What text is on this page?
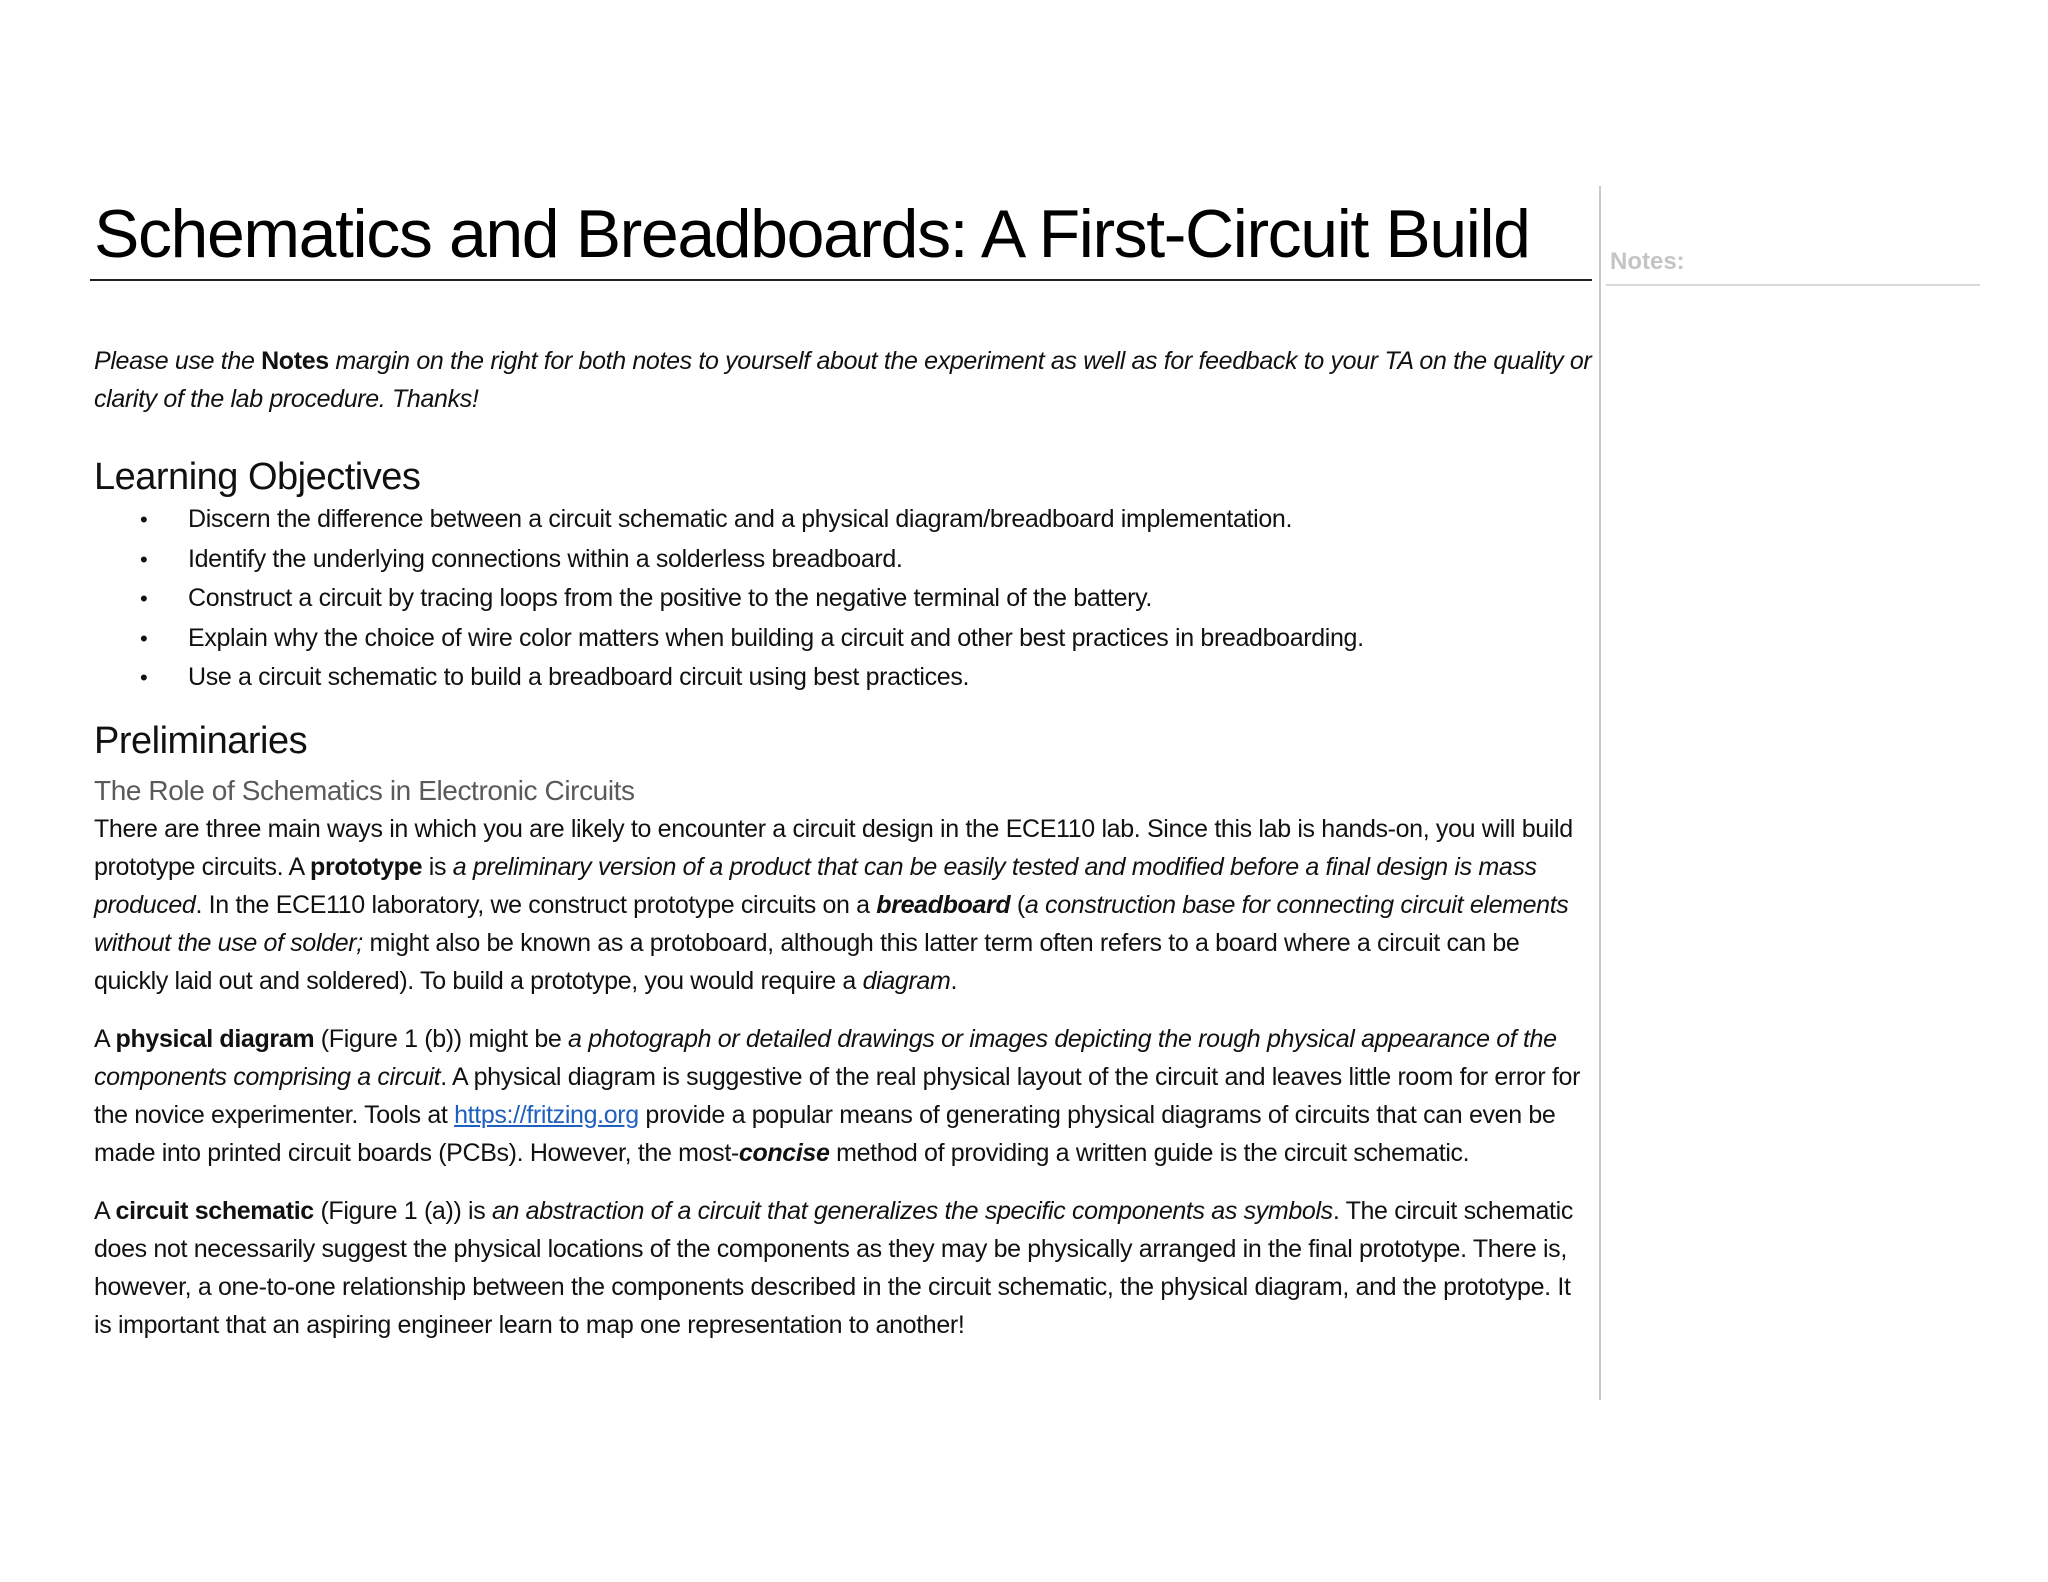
Schematics and Breadboards: A First-Circuit Build	Notes:

Please use the Notes margin on the right for both notes to yourself about the experiment as well as for feedback to your TA on the quality or clarity of the lab procedure. Thanks!

Learning Objectives
• Discern the difference between a circuit schematic and a physical diagram/breadboard implementation.
• Identify the underlying connections within a solderless breadboard.
• Construct a circuit by tracing loops from the positive to the negative terminal of the battery.
• Explain why the choice of wire color matters when building a circuit and other best practices in breadboarding.
• Use a circuit schematic to build a breadboard circuit using best practices.
Preliminaries
The Role of Schematics in Electronic Circuits

There are three main ways in which you are likely to encounter a circuit design in the ECE110 lab. Since this lab is hands-on, you will build prototype circuits. A prototype is a preliminary version of a product that can be easily tested and modified before a final design is mass produced. In the ECE110 laboratory, we construct prototype circuits on a breadboard (a construction base for connecting circuit elements without the use of solder; might also be known as a protoboard, although this latter term often refers to a board where a circuit can be quickly laid out and soldered). To build a prototype, you would require a diagram.

A physical diagram (Figure 1 (b)) might be a photograph or detailed drawings or images depicting the rough physical appearance of the components comprising a circuit. A physical diagram is suggestive of the real physical layout of the circuit and leaves little room for error for the novice experimenter. Tools at https://fritzing.org provide a popular means of generating physical diagrams of circuits that can even be made into printed circuit boards (PCBs). However, the most-concise method of providing a written guide is the circuit schematic.

A circuit schematic (Figure 1 (a)) is an abstraction of a circuit that generalizes the specific components as symbols. The circuit schematic does not necessarily suggest the physical locations of the components as they may be physically arranged in the final prototype. There is, however, a one-to-one relationship between the components described in the circuit schematic, the physical diagram, and the prototype. It is important that an aspiring engineer learn to map one representation to another!
